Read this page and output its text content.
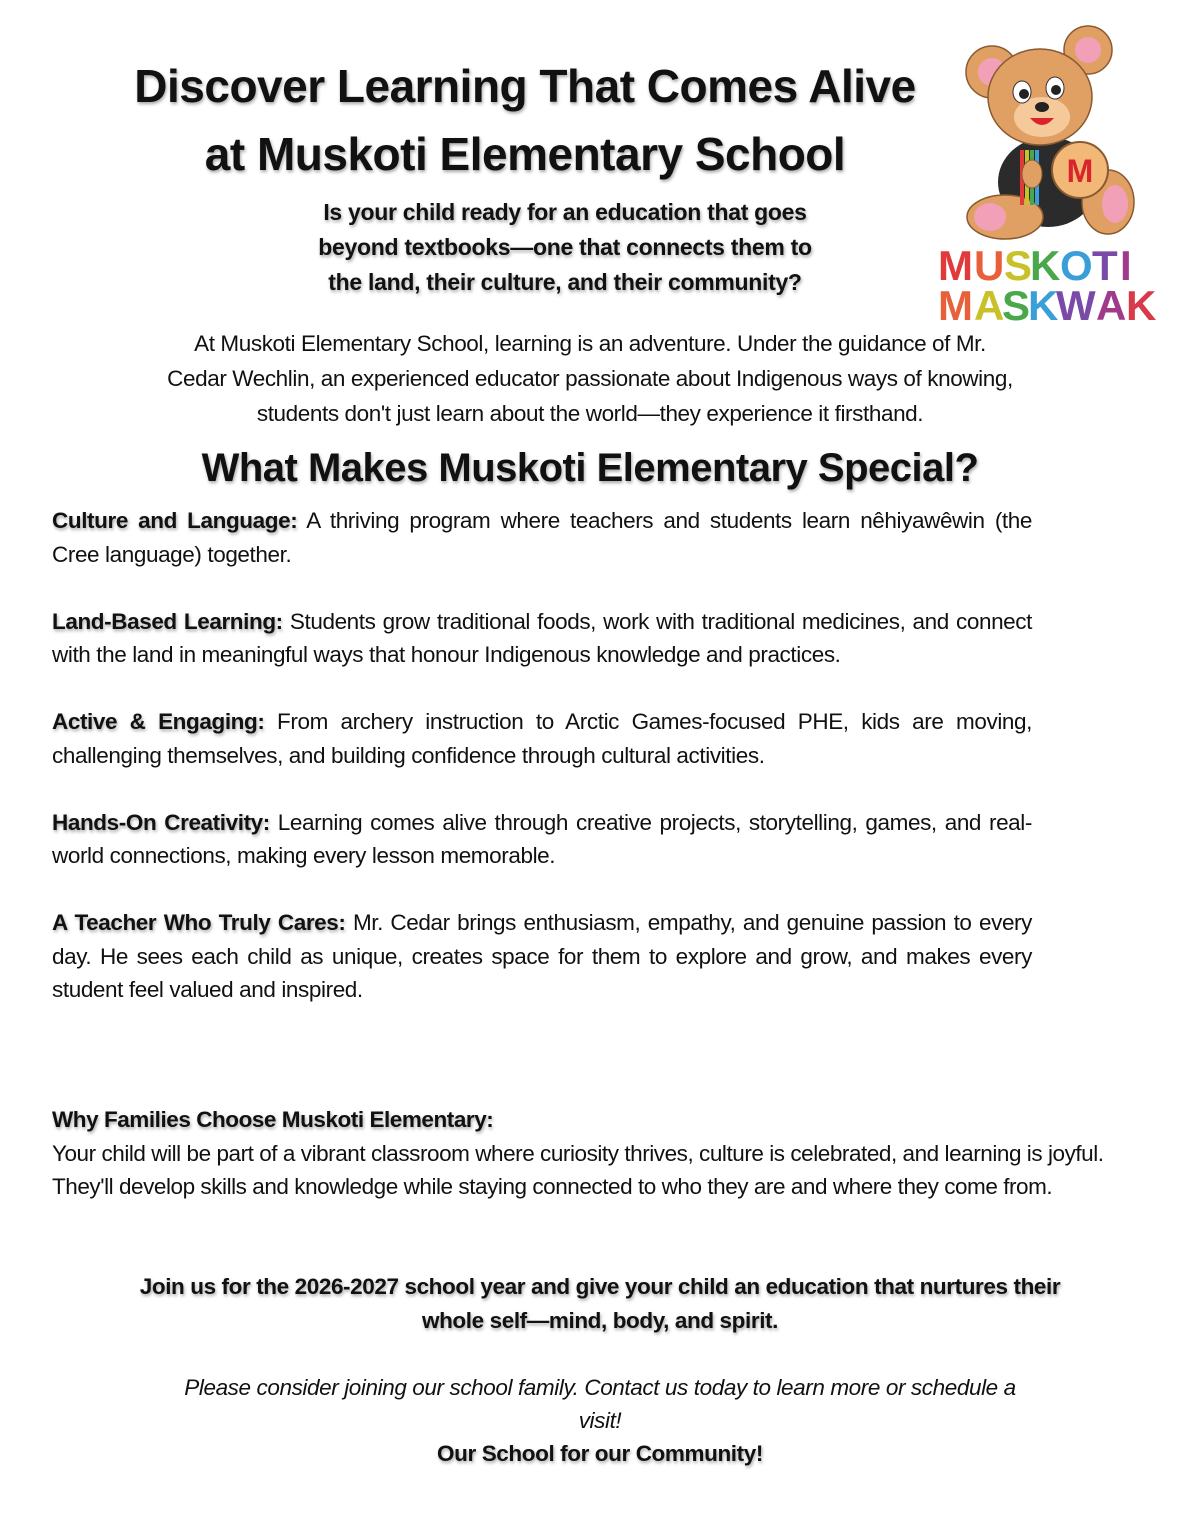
Discover Learning That Comes Alive
at Muskoti Elementary School
Is your child ready for an education that goes
beyond textbooks—one that connects them to
the land, their culture, and their community?
M
M U S
K O T I
M A
S
K
W A K
At Muskoti Elementary School, learning is an adventure. Under the guidance of Mr.
Cedar Wechlin, an experienced educator passionate about Indigenous ways of knowing,
students don't just learn about the world—they experience it firsthand.
What Makes Muskoti Elementary Special?

Culture and Language: A thriving program where teachers and students learn nêhiyawêwin (the Cree language) together.

Land-Based Learning: Students grow traditional foods, work with traditional medicines, and connect with the land in meaningful ways that honour Indigenous knowledge and practices.

Active & Engaging: From archery instruction to Arctic Games-focused PHE, kids are moving, challenging themselves, and building confidence through cultural activities.

Hands-On Creativity: Learning comes alive through creative projects, storytelling, games, and real-world connections, making every lesson memorable.

A Teacher Who Truly Cares: Mr. Cedar brings enthusiasm, empathy, and genuine passion to every day. He sees each child as unique, creates space for them to explore and grow, and makes every student feel valued and inspired.

Why Families Choose Muskoti Elementary:
Your child will be part of a vibrant classroom where curiosity thrives, culture is celebrated, and learning is joyful. They'll develop skills and knowledge while staying connected to who they are and where they come from.
Join us for the 2026-2027 school year and give your child an education that nurtures their
whole self—mind, body, and spirit.
Please consider joining our school family. Contact us today to learn more or schedule a
visit!
Our School for our Community!
